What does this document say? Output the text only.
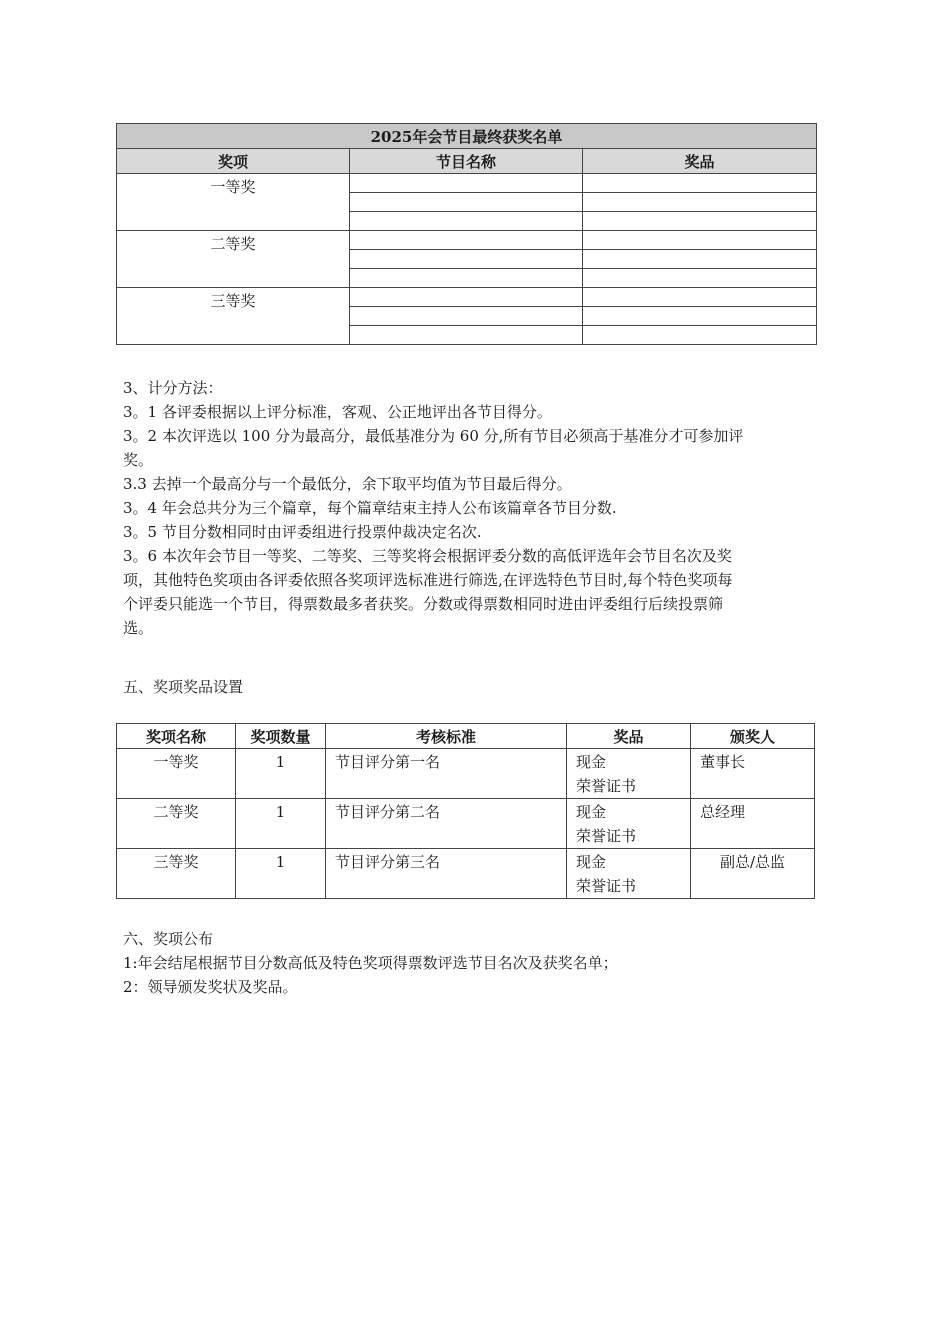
2025年会节目最终获奖名单		
奖项	节目名称	奖品
一等奖		

二等奖		

三等奖		

3、计分方法：

3。1 各评委根据以上评分标准，客观、公正地评出各节目得分。

3。2 本次评选以 100 分为最高分，最低基准分为 60 分,所有节目必须高于基准分才可参加评

奖。

3.3 去掉一个最高分与一个最低分，余下取平均值为节目最后得分。

3。4 年会总共分为三个篇章，每个篇章结束主持人公布该篇章各节目分数.

3。5 节目分数相同时由评委组进行投票仲裁决定名次.

3。6 本次年会节目一等奖、二等奖、三等奖将会根据评委分数的高低评选年会节目名次及奖

项，其他特色奖项由各评委依照各奖项评选标准进行筛选,在评选特色节目时,每个特色奖项每

个评委只能选一个节目，得票数最多者获奖。分数或得票数相同时进由评委组行后续投票筛

选。

五、奖项奖品设置

奖项名称	奖项数量	考核标准	奖品	颁奖人
一等奖	1	节目评分第一名	现金
荣誉证书	董事长
二等奖	1	节目评分第二名	现金
荣誉证书	总经理
三等奖	1	节目评分第三名	现金
荣誉证书	副总/总监

六、奖项公布

1:年会结尾根据节目分数高低及特色奖项得票数评选节目名次及获奖名单；

2：领导颁发奖状及奖品。
